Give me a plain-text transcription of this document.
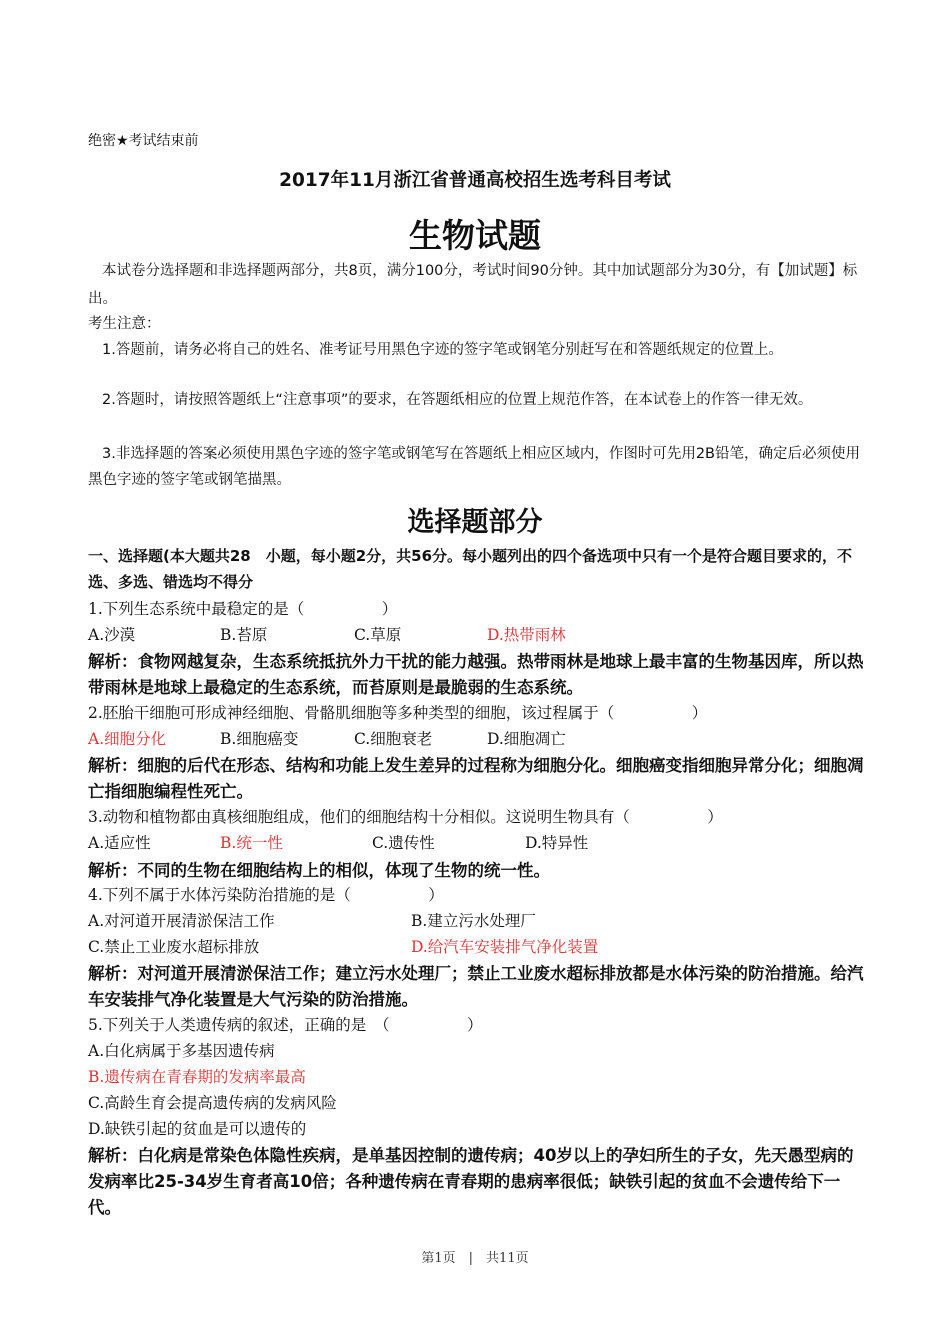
绝密★考试结束前
2017年11月浙江省普通高校招生选考科目考试
生物试题
本试卷分选择题和非选择题两部分，共8页，满分100分，考试时间90分钟。其中加试题部分为30分，有【加试题】标出。
考生注意：
1.答题前，请务必将自己的姓名、准考证号用黑色字迹的签字笔或钢笔分别赶写在和答题纸规定的位置上。
2.答题时，请按照答题纸上“注意事项”的要求，在答题纸相应的位置上规范作答，在本试卷上的作答一律无效。
3.非选择题的答案必须使用黑色字迹的签字笔或钢笔写在答题纸上相应区域内，作图时可先用2B铅笔，确定后必须使用黑色字迹的签字笔或钢笔描黑。
选择题部分
一、选择题(本大题共28　小题，每小题2分，共56分。每小题列出的四个备选项中只有一个是符合题目要求的，不选、多选、错选均不得分
1.下列生态系统中最稳定的是（　　　　　）
A.沙漠	B.苔原	C.草原	D.热带雨林
解析：食物网越复杂，生态系统抵抗外力干扰的能力越强。热带雨林是地球上最丰富的生物基因库，所以热带雨林是地球上最稳定的生态系统，而苔原则是最脆弱的生态系统。
2.胚胎干细胞可形成神经细胞、骨骼肌细胞等多种类型的细胞，该过程属于（　　　　　）
A.细胞分化	B.细胞癌变	C.细胞衰老	D.细胞凋亡
解析：细胞的后代在形态、结构和功能上发生差异的过程称为细胞分化。细胞癌变指细胞异常分化；细胞凋亡指细胞编程性死亡。
3.动物和植物都由真核细胞组成，他们的细胞结构十分相似。这说明生物具有（　　　　　）
A.适应性	B.统一性	C.遗传性	D.特异性
解析：不同的生物在细胞结构上的相似，体现了生物的统一性。
4.下列不属于水体污染防治措施的是（　　　　　）
A.对河道开展清淤保洁工作	B.建立污水处理厂
C.禁止工业废水超标排放	D.给汽车安装排气净化装置
解析：对河道开展清淤保洁工作；建立污水处理厂；禁止工业废水超标排放都是水体污染的防治措施。给汽车安装排气净化装置是大气污染的防治措施。
5.下列关于人类遗传病的叙述，正确的是　（　　　　　）
A.白化病属于多基因遗传病
B.遗传病在青春期的发病率最高
C.高龄生育会提高遗传病的发病风险
D.缺铁引起的贫血是可以遗传的
解析：白化病是常染色体隐性疾病，是单基因控制的遗传病；40岁以上的孕妇所生的子女，先天愚型病的发病率比25-34岁生育者高10倍；各种遗传病在青春期的患病率很低；缺铁引起的贫血不会遗传给下一代。
第1页　|　共11页
